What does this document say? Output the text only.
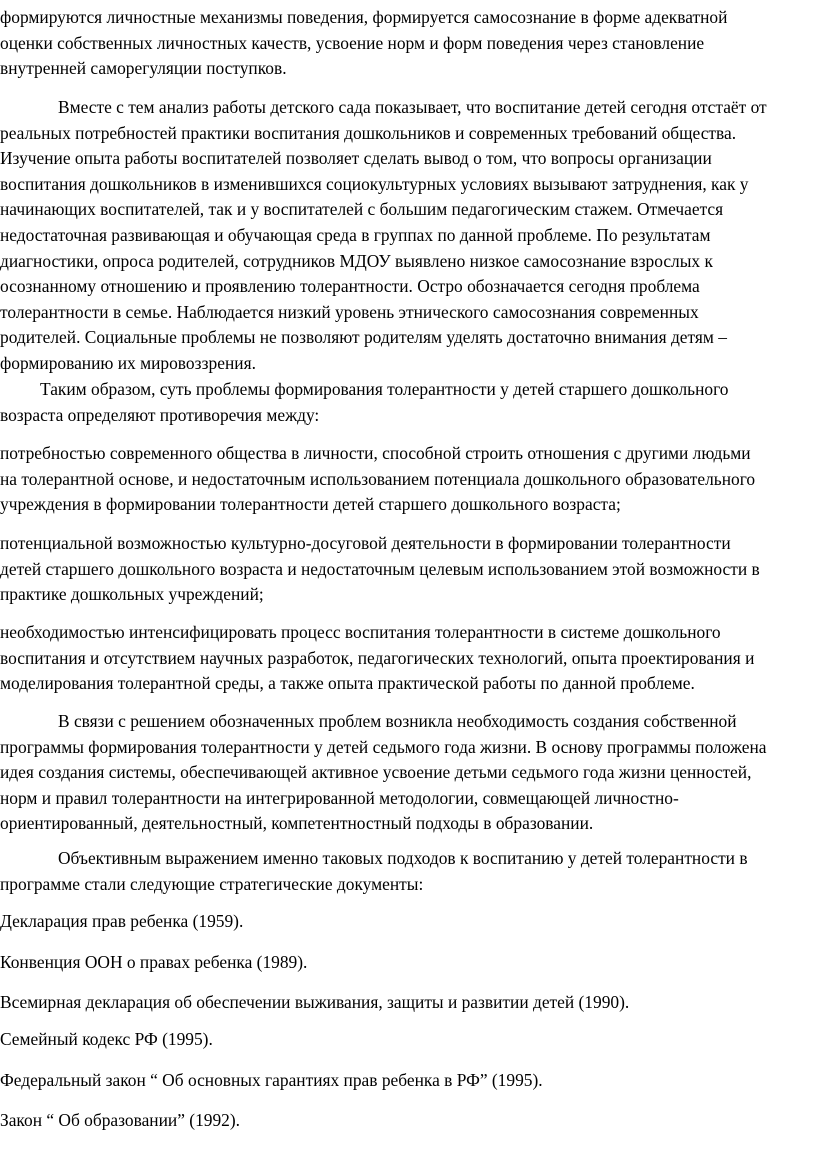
формируются личностные механизмы поведения, формируется самосознание в форме адекватной
оценки собственных личностных качеств, усвоение норм и форм поведения через становление
внутренней саморегуляции поступков.
Вместе с тем анализ работы детского сада показывает, что воспитание детей сегодня отстаёт от
реальных потребностей практики воспитания дошкольников и современных требований общества.
Изучение опыта работы воспитателей позволяет сделать вывод о том, что вопросы организации
воспитания дошкольников в изменившихся социокультурных условиях вызывают затруднения, как у
начинающих воспитателей, так и у воспитателей с большим педагогическим стажем. Отмечается
недостаточная развивающая и обучающая среда в группах по данной проблеме. По результатам
диагностики, опроса родителей, сотрудников МДОУ выявлено низкое самосознание взрослых к
осознанному отношению и проявлению толерантности. Остро обозначается сегодня проблема
толерантности в семье. Наблюдается низкий уровень этнического самосознания современных
родителей. Социальные проблемы не позволяют родителям уделять достаточно внимания детям –
формированию их мировоззрения.
Таким образом, суть проблемы формирования толерантности у детей старшего дошкольного
возраста определяют противоречия между:
потребностью современного общества в личности, способной строить отношения с другими людьми
на толерантной основе, и недостаточным использованием потенциала дошкольного образовательного
учреждения в формировании толерантности детей старшего дошкольного возраста;
потенциальной возможностью культурно-досуговой деятельности в формировании толерантности
детей старшего дошкольного возраста и недостаточным целевым использованием этой возможности в
практике дошкольных учреждений;
необходимостью интенсифицировать процесс воспитания толерантности в системе дошкольного
воспитания и отсутствием научных разработок, педагогических технологий, опыта проектирования и
моделирования толерантной среды, а также опыта практической работы по данной проблеме.
В связи с решением обозначенных проблем возникла необходимость создания собственной
программы формирования толерантности у детей седьмого года жизни. В основу программы положена
идея создания системы, обеспечивающей активное усвоение детьми седьмого года жизни ценностей,
норм и правил толерантности на интегрированной методологии, совмещающей личностно-
ориентированный, деятельностный, компетентностный подходы в образовании.
Объективным выражением именно таковых подходов к воспитанию у детей толерантности в
программе стали следующие стратегические документы:
Декларация прав ребенка (1959).
Конвенция ООН о правах ребенка (1989).
Всемирная декларация об обеспечении выживания, защиты и развитии детей (1990).
Семейный кодекс РФ (1995).
Федеральный закон “ Об основных гарантиях прав ребенка в РФ” (1995).
Закон “ Об образовании” (1992).
